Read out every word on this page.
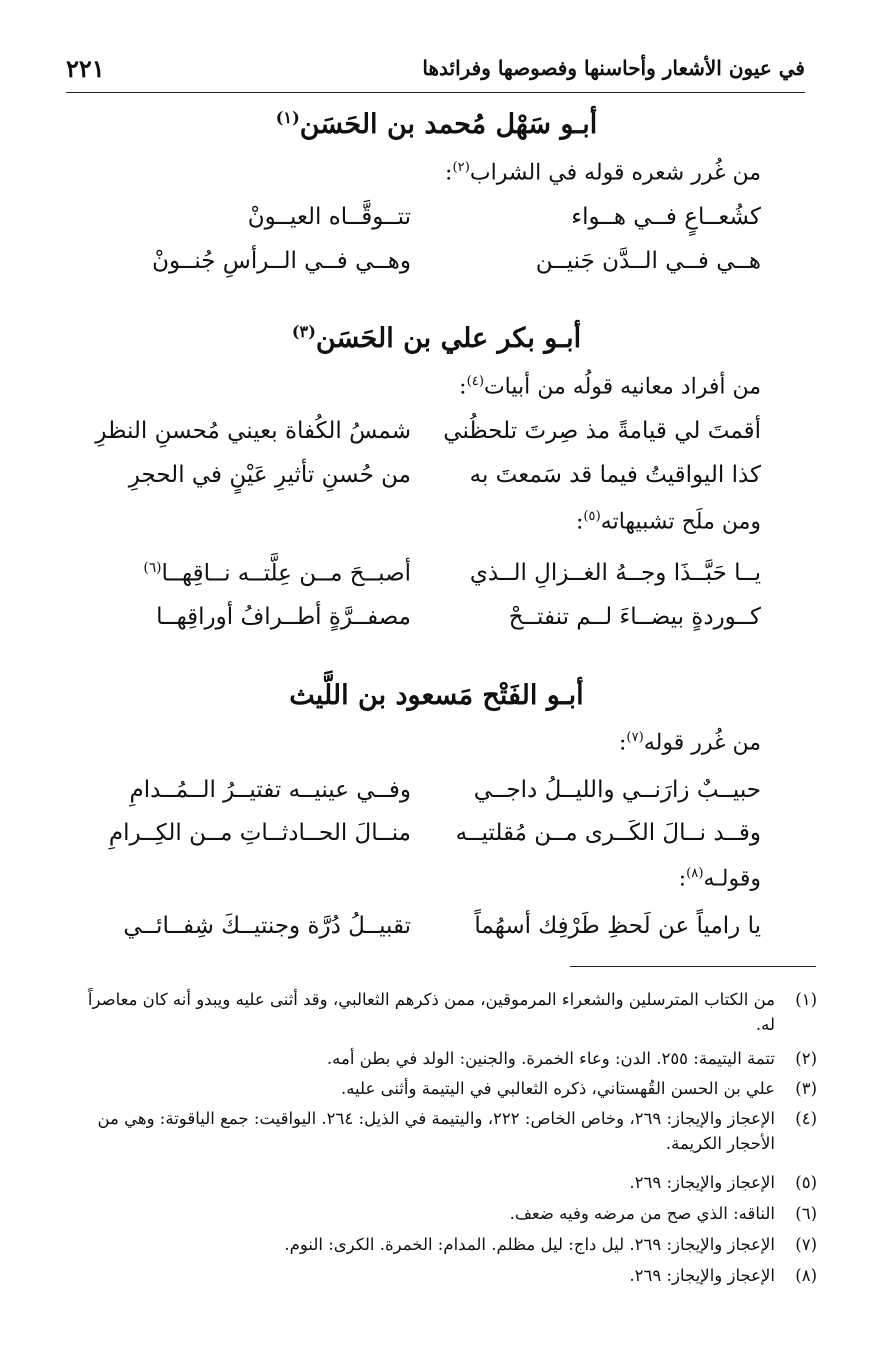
في عيون الأشعار وأحاسنها وفصوصها وفرائدها
٢٢١
أبـو سَهْل مُحمد بن الحَسَن$^{(١)}$
من غُرر شعره قوله في الشراب$^{(٢)}$:
كشُعــاعٍ فــي هــواء
تتــوقَّــاه العيــونْ
هــي فــي الــدَّن جَنيــن
وهــي فــي الــرأسِ جُنــونْ
أبـو بكر علي بن الحَسَن$^{(٣)}$
من أفراد معانيه قولُه من أبيات$^{(٤)}$:
أقمتَ لي قيامةً مذ صِرتَ تلحظُني
شمسُ الكُفاة بعيني مُحسنِ النظرِ
كذا اليواقيتُ فيما قد سَمعتَ به
من حُسنِ تأثيرِ عَيْنٍ في الحجرِ
ومن ملَح تشبيهاته$^{(٥)}$:
يــا حَبَّــذَا وجــهُ الغــزالِ الــذي
أصبــحَ مــن عِلَّتــه نــاقِهــا$^{(٦)}$
كــوردةٍ بيضــاءَ لــم تنفتــحْ
مصفــرَّةٍ أطــرافُ أوراقِهــا
أبـو الفَتْح مَسعود بن اللَّيث
من غُرر قوله$^{(٧)}$:
حبيــبٌ زارَنــي والليــلُ داجــي
وفــي عينيــه تفتيــرُ الــمُــدامِ
وقــد نــالَ الكَــرى مــن مُقلتيــه
منــالَ الحــادثــاتِ مــن الكِــرامِ
وقولـه$^{(٨)}$:
يا رامياً عن لَحظِ طَرْفِك أسهُماً
تقبيــلُ دُرَّة وجنتيــكَ شِفــائــي
(١)
من الكتاب المترسلين والشعراء المرموقين، ممن ذكرهم الثعالبي، وقد أثنى عليه ويبدو أنه كان معاصراً له.
(٢)
تتمة اليتيمة: ٢٥٥. الدن: وعاء الخمرة. والجنين: الولد في بطن أمه.
(٣)
علي بن الحسن القُهستاني، ذكره الثعالبي في اليتيمة وأثنى عليه.
(٤)
الإعجاز والإيجاز: ٢٦٩، وخاص الخاص: ٢٢٢، واليتيمة في الذيل: ٢٦٤. اليواقيت: جمع الياقوتة: وهي من الأحجار الكريمة.
(٥)
الإعجاز والإيجاز: ٢٦٩.
(٦)
الناقه: الذي صح من مرضه وفيه ضعف.
(٧)
الإعجاز والإيجاز: ٢٦٩. ليل داج: ليل مظلم. المدام: الخمرة. الكرى: النوم.
(٨)
الإعجاز والإيجاز: ٢٦٩.
